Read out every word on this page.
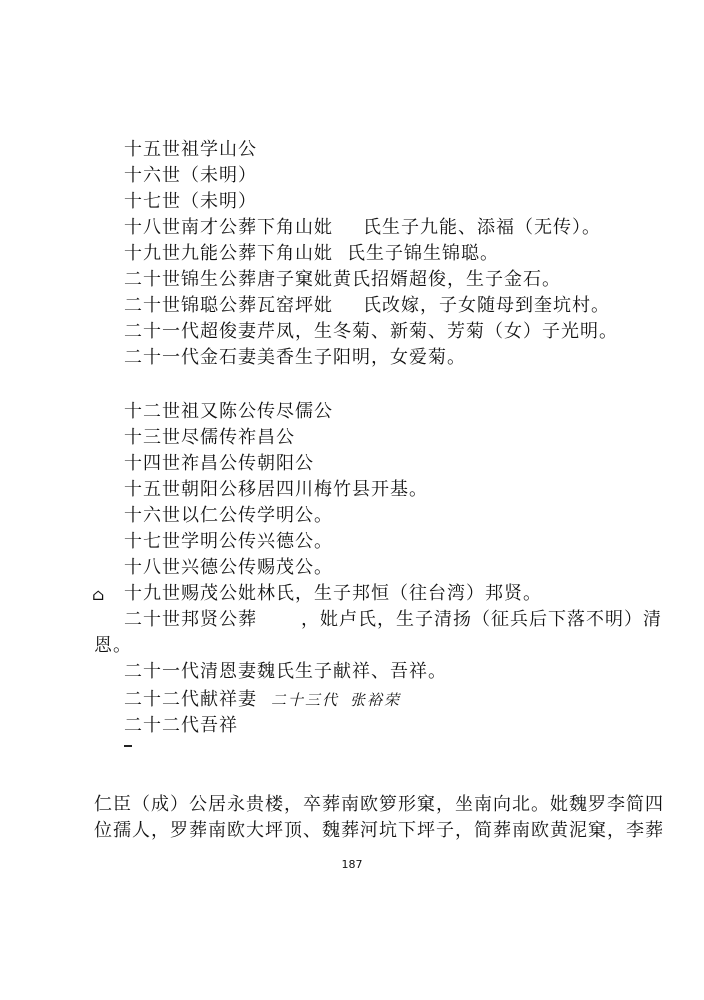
十五世祖学山公
十六世（未明）
十七世（未明）
十八世南才公葬下角山妣 氏生子九能、添福（无传）。
十九世九能公葬下角山妣 氏生子锦生锦聪。
二十世锦生公葬唐子窠妣黄氏招婿超俊，生子金石。
二十世锦聪公葬瓦窑坪妣 氏改嫁，子女随母到奎坑村。
二十一代超俊妻芹凤，生冬菊、新菊、芳菊（女）子光明。
二十一代金石妻美香生子阳明，女爱菊。
十二世祖又陈公传尽儒公
十三世尽儒传祚昌公
十四世祚昌公传朝阳公
十五世朝阳公移居四川梅竹县开基。
十六世以仁公传学明公。
十七世学明公传兴德公。
十八世兴德公传赐茂公。
⌂ 十九世赐茂公妣林氏，生子邦恒（往台湾）邦贤。
二十世邦贤公葬 ，妣卢氏，生子清扬（征兵后下落不明）清
恩。
二十一代清恩妻魏氏生子献祥、吾祥。
二十二代献祥妻 二十三代 张裕荣
二十二代吾祥
仁臣（成）公居永贵楼，卒葬南欧箩形窠，坐南向北。妣魏罗李简四
位孺人，罗葬南欧大坪顶、魏葬河坑下坪子，简葬南欧黄泥窠，李葬
187
